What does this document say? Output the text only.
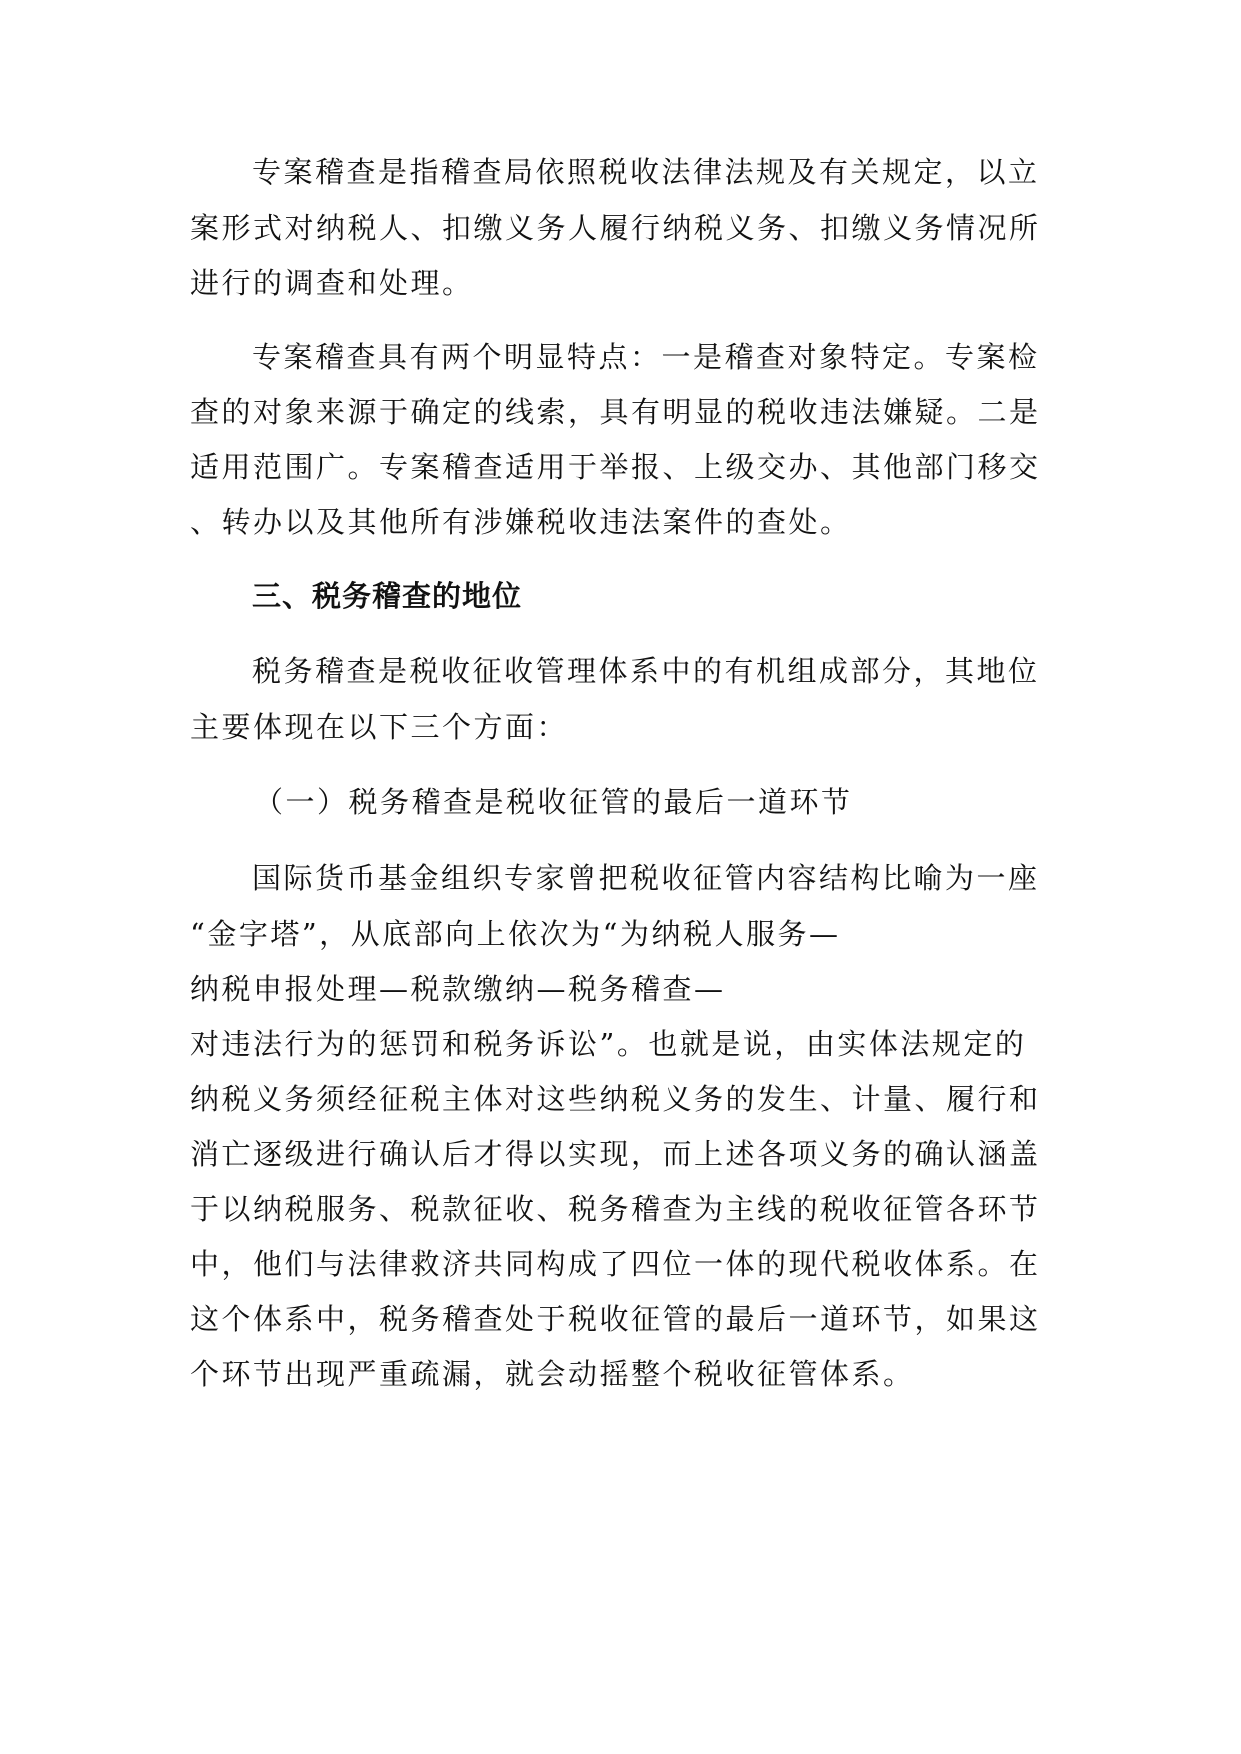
专案稽查是指稽查局依照税收法律法规及有关规定，以立
案形式对纳税人、扣缴义务人履行纳税义务、扣缴义务情况所
进行的调查和处理。
专案稽查具有两个明显特点：一是稽查对象特定。专案检
查的对象来源于确定的线索，具有明显的税收违法嫌疑。二是
适用范围广。专案稽查适用于举报、上级交办、其他部门移交
、转办以及其他所有涉嫌税收违法案件的查处。
三、税务稽查的地位
税务稽查是税收征收管理体系中的有机组成部分，其地位
主要体现在以下三个方面：
（一）税务稽查是税收征管的最后一道环节
国际货币基金组织专家曾把税收征管内容结构比喻为一座
“金字塔”，从底部向上依次为“为纳税人服务—
纳税申报处理—税款缴纳—税务稽查—
对违法行为的惩罚和税务诉讼”。也就是说，由实体法规定的
纳税义务须经征税主体对这些纳税义务的发生、计量、履行和
消亡逐级进行确认后才得以实现，而上述各项义务的确认涵盖
于以纳税服务、税款征收、税务稽查为主线的税收征管各环节
中，他们与法律救济共同构成了四位一体的现代税收体系。在
这个体系中，税务稽查处于税收征管的最后一道环节，如果这
个环节出现严重疏漏，就会动摇整个税收征管体系。
